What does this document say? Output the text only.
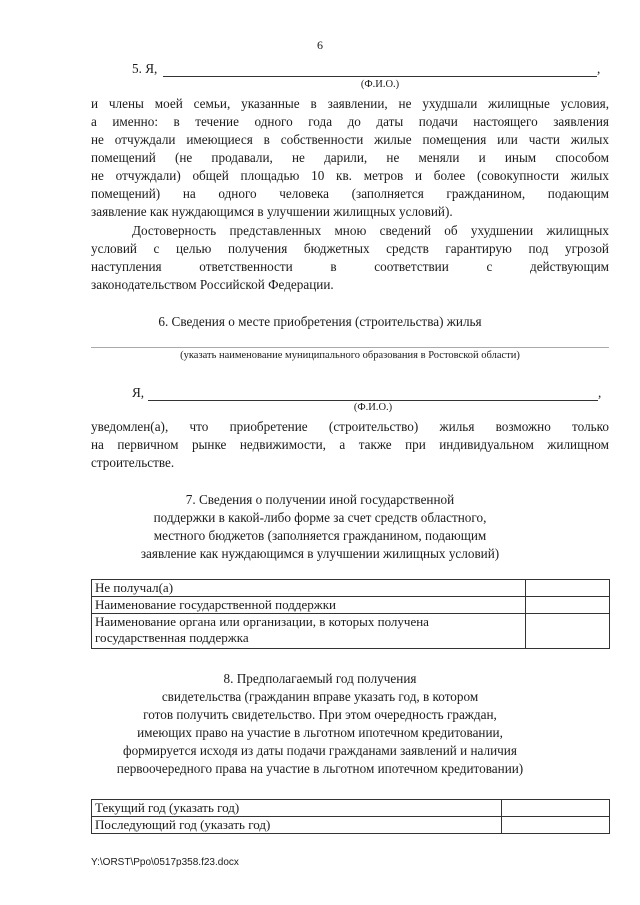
6
5. Я,	,
(Ф.И.О.)
и члены моей семьи, указанные в заявлении, не ухудшали жилищные условия,
а именно: в течение одного года до даты подачи настоящего заявления
не отчуждали имеющиеся в собственности жилые помещения или части жилых
помещений (не продавали, не дарили, не меняли и иным способом
не отчуждали) общей площадью 10 кв. метров и более (совокупности жилых
помещений) на одного человека (заполняется гражданином, подающим
заявление как нуждающимся в улучшении жилищных условий).
Достоверность представленных мною сведений об ухудшении жилищных
условий с целью получения бюджетных средств гарантирую под угрозой
наступления ответственности в соответствии с действующим
законодательством Российской Федерации.
6. Сведения о месте приобретения (строительства) жилья
(указать наименование муниципального образования в Ростовской области)
Я,	,
(Ф.И.О.)
уведомлен(а), что приобретение (строительство) жилья возможно только
на первичном рынке недвижимости, а также при индивидуальном жилищном
строительстве.
7. Сведения о получении иной государственной
поддержки в какой-либо форме за счет средств областного,
местного бюджетов (заполняется гражданином, подающим
заявление как нуждающимся в улучшении жилищных условий)
Не получал(а)	
Наименование государственной поддержки	
Наименование органа или организации, в которых получена государственная поддержка	
8. Предполагаемый год получения
свидетельства (гражданин вправе указать год, в котором
готов получить свидетельство. При этом очередность граждан,
имеющих право на участие в льготном ипотечном кредитовании,
формируется исходя из даты подачи гражданами заявлений и наличия
первоочередного права на участие в льготном ипотечном кредитовании)
Текущий год (указать год)	
Последующий год (указать год)	
Y:\ORST\Ppo\0517p358.f23.docx
